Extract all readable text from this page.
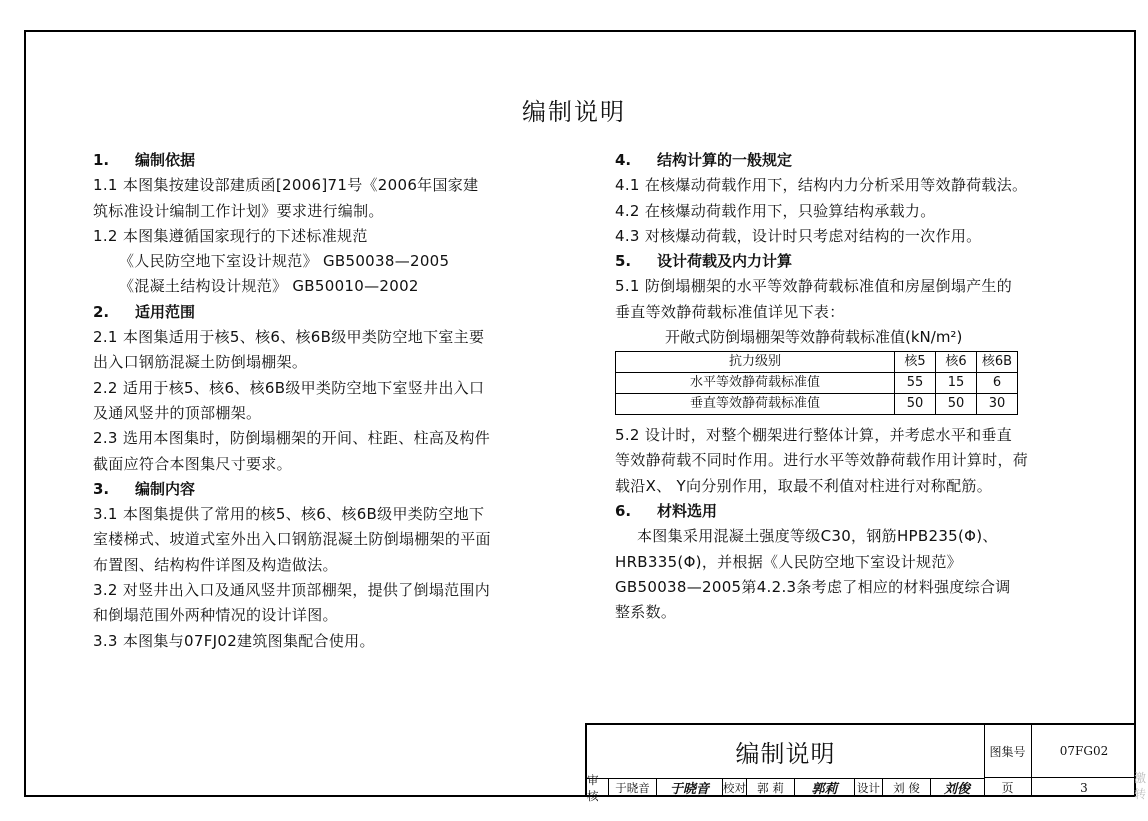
编制说明
1. 编制依据
1.1 本图集按建设部建质函[2006]71号《2006年国家建
筑标准设计编制工作计划》要求进行编制。
1.2 本图集遵循国家现行的下述标准规范
《人民防空地下室设计规范》 GB50038—2005
《混凝土结构设计规范》 GB50010—2002
2. 适用范围
2.1 本图集适用于核5、核6、核6B级甲类防空地下室主要
出入口钢筋混凝土防倒塌棚架。
2.2 适用于核5、核6、核6B级甲类防空地下室竖井出入口
及通风竖井的顶部棚架。
2.3 选用本图集时，防倒塌棚架的开间、柱距、柱高及构件
截面应符合本图集尺寸要求。
3. 编制内容
3.1 本图集提供了常用的核5、核6、核6B级甲类防空地下
室楼梯式、坡道式室外出入口钢筋混凝土防倒塌棚架的平面
布置图、结构构件详图及构造做法。
3.2 对竖井出入口及通风竖井顶部棚架，提供了倒塌范围内
和倒塌范围外两种情况的设计详图。
3.3 本图集与07FJ02建筑图集配合使用。
4. 结构计算的一般规定
4.1 在核爆动荷载作用下，结构内力分析采用等效静荷载法。
4.2 在核爆动荷载作用下，只验算结构承载力。
4.3 对核爆动荷载，设计时只考虑对结构的一次作用。
5. 设计荷载及内力计算
5.1 防倒塌棚架的水平等效静荷载标准值和房屋倒塌产生的
垂直等效静荷载标准值详见下表：
开敞式防倒塌棚架等效静荷载标准值(kN/m²)
抗力级别	核5	核6	核6B
水平等效静荷载标准值	55	15	6
垂直等效静荷载标准值	50	50	30
5.2 设计时，对整个棚架进行整体计算，并考虑水平和垂直
等效静荷载不同时作用。进行水平等效静荷载作用计算时，荷
载沿X、 Y向分别作用，取最不利值对柱进行对称配筋。
6. 材料选用
本图集采用混凝土强度等级C30，钢筋HPB235(Φ)、
HRB335(Φ)，并根据《人民防空地下室设计规范》
GB50038—2005第4.2.3条考虑了相应的材料强度综合调
整系数。
编制说明	图集号	07FG02
审核
于晓音	于晓音	校对 郭 莉	郭莉	设计	刘 俊	刘俊	页	3
激
转
